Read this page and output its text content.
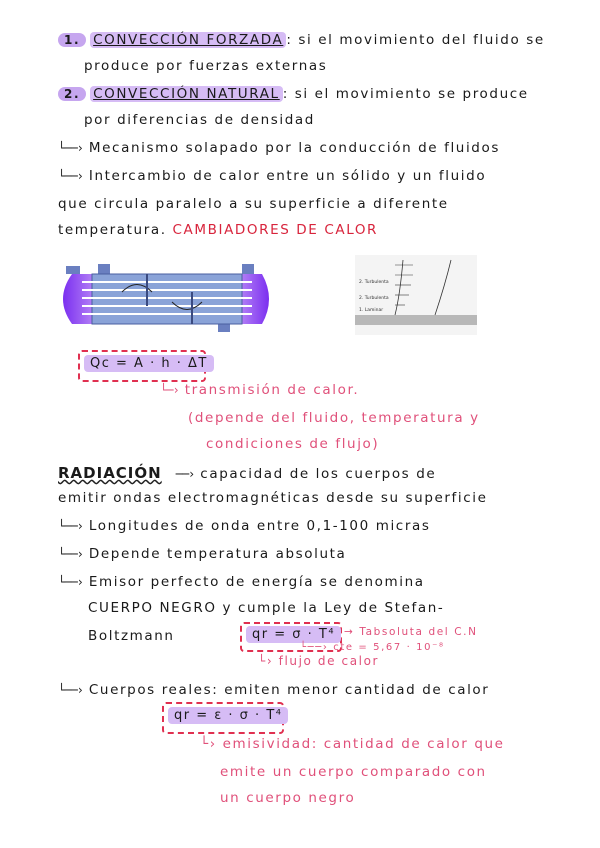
1. CONVECCIÓN FORZADA : si el movimiento del fluido se
produce por fuerzas externas
2. CONVECCIÓN NATURAL : si el movimiento se produce
por diferencias de densidad
└──› Mecanismo solapado por la conducción de fluidos
└──› Intercambio de calor entre un sólido y un fluido
que circula paralelo a su superficie a diferente
temperatura. CAMBIADORES DE CALOR
2. Turbulenta
2. Turbulenta
1. Laminar
Qc = A · h · ΔT
└─› transmisión de calor.
(depende del fluido, temperatura y
condiciones de flujo)
RADIACIÓN ──› capacidad de los cuerpos de
emitir ondas electromagnéticas desde su superficie
└──› Longitudes de onda entre 0,1-100 micras
└──› Depende temperatura absoluta
└──› Emisor perfecto de energía se denomina
CUERPO NEGRO y cumple la Ley de Stefan-
Boltzmann	qr = σ · T⁴ → Tabsoluta del C.N
└──› cte = 5,67 · 10⁻⁸
└› flujo de calor
└──› Cuerpos reales: emiten menor cantidad de calor
qr = ε · σ · T⁴
└› emisividad: cantidad de calor que
emite un cuerpo comparado con
un cuerpo negro
